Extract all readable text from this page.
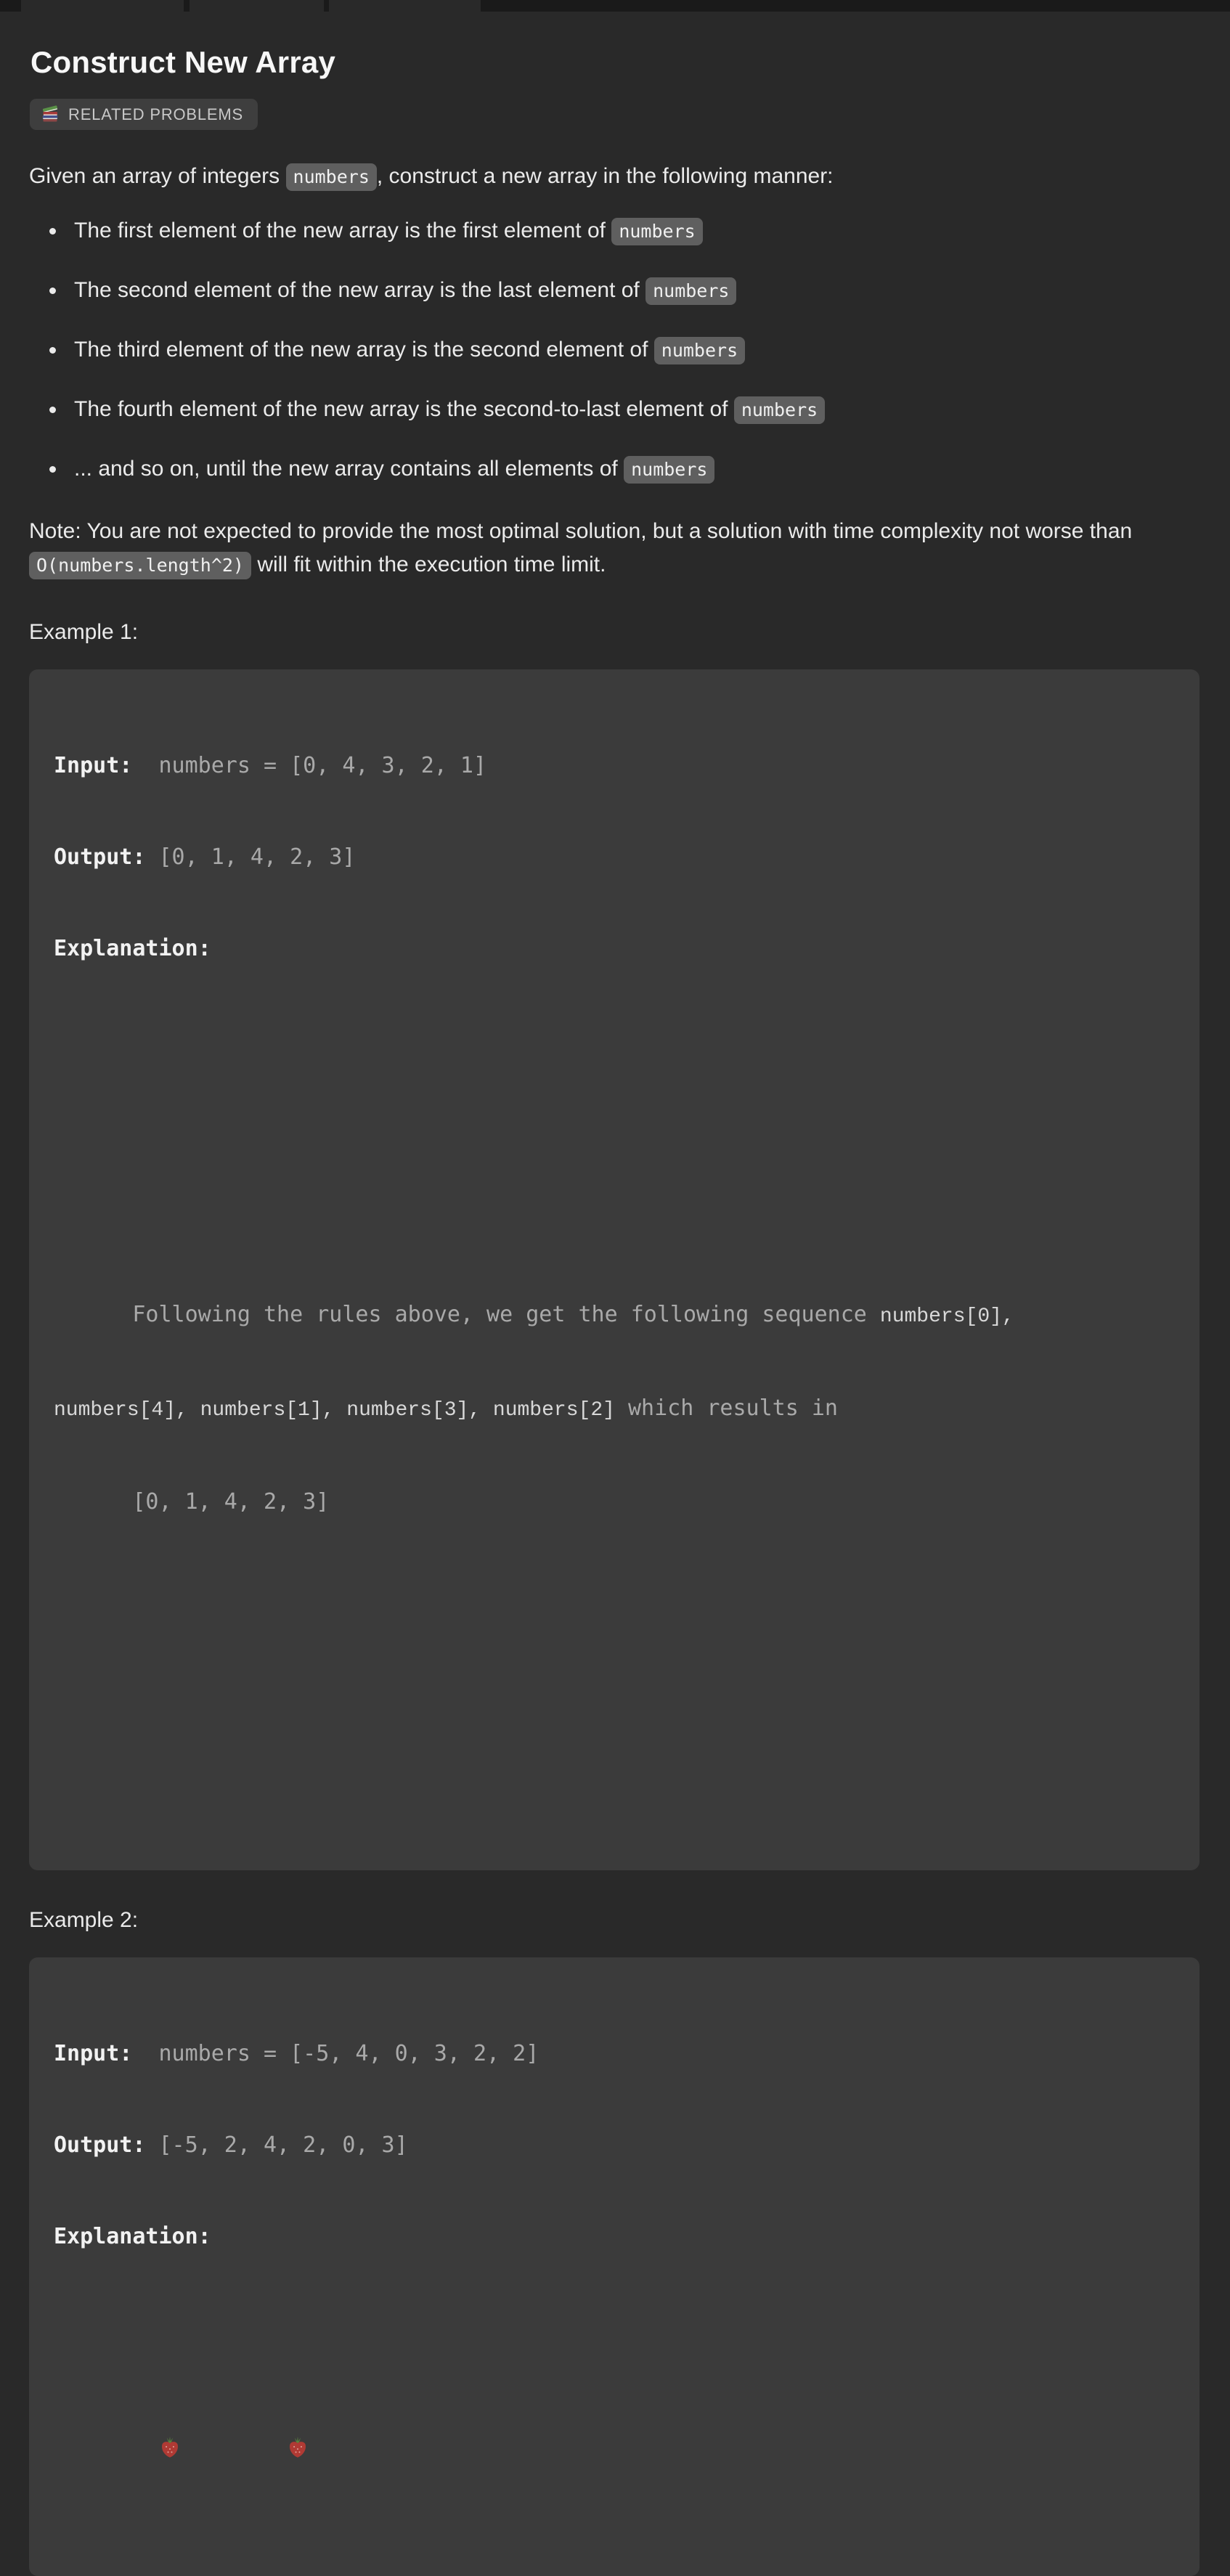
Construct New Array
RELATED PROBLEMS

Given an array of integers numbers , construct a new array in the following manner:

• The first element of the new array is the first element of numbers
• The second element of the new array is the last element of numbers
• The third element of the new array is the second element of numbers
• The fourth element of the new array is the second-to-last element of numbers
• ... and so on, until the new array contains all elements of numbers

Note: You are not expected to provide the most optimal solution, but a solution with time complexity not worse than O(numbers.length^2) will fit within the execution time limit.

Example 1:

Input:  numbers = [0, 4, 3, 2, 1]

Output: [0, 1, 4, 2, 3]

Explanation:

Following the rules above, we get the following sequence numbers[0],

numbers[4], numbers[1], numbers[3], numbers[2] which results in

[0, 1, 4, 2, 3]

Example 2:

Input:  numbers = [-5, 4, 0, 3, 2, 2]

Output: [-5, 2, 4, 2, 0, 3]

Explanation:
